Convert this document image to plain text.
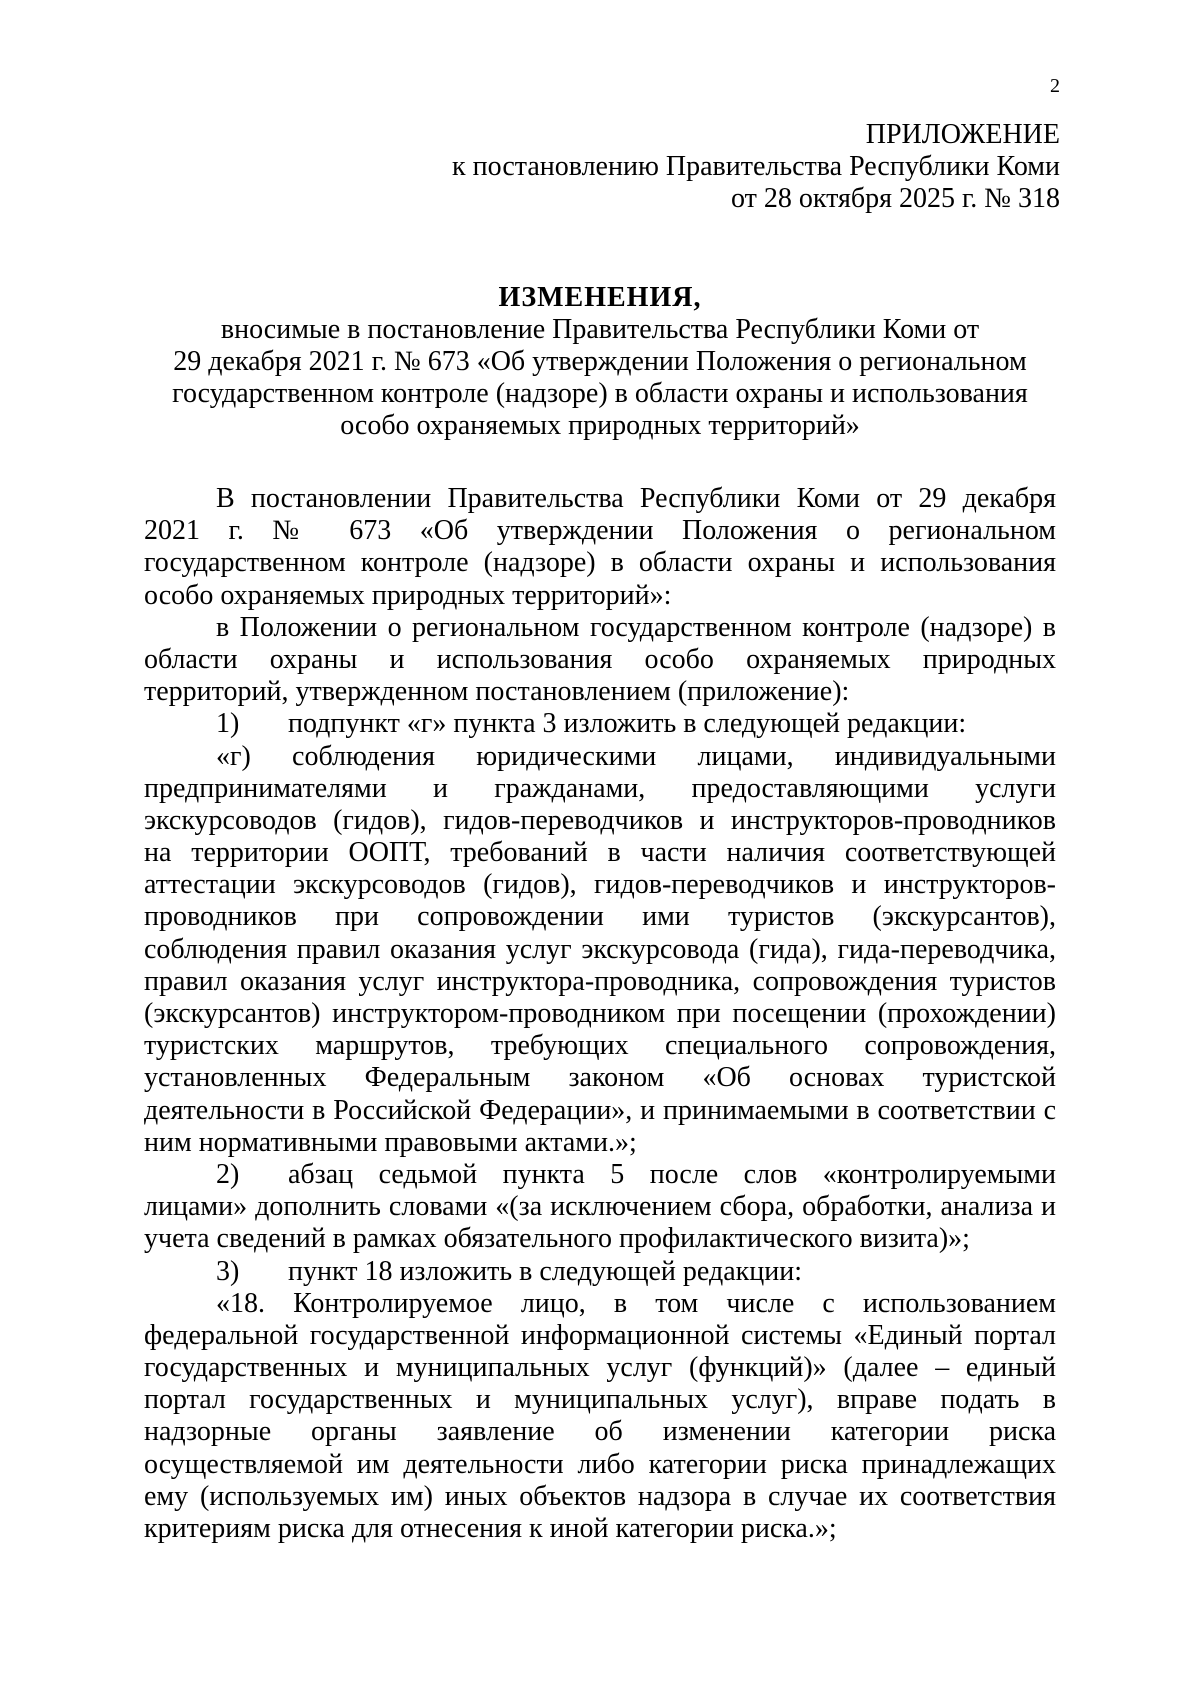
2
ПРИЛОЖЕНИЕ
к постановлению Правительства Республики Коми
от 28 октября 2025 г. № 318
ИЗМЕНЕНИЯ,
вносимые в постановление Правительства Республики Коми от
29 декабря 2021 г. № 673 «Об утверждении Положения о региональном
государственном контроле (надзоре) в области охраны и использования
особо охраняемых природных территорий»
В постановлении Правительства Республики Коми от 29 декабря
2021 г. № 673 «Об утверждении Положения о региональном
государственном контроле (надзоре) в области охраны и использования
особо охраняемых природных территорий»:
в Положении о региональном государственном контроле (надзоре) в
области охраны и использования особо охраняемых природных
территорий, утвержденном постановлением (приложение):
1)	подпункт «г» пункта 3 изложить в следующей редакции:
«г) соблюдения юридическими лицами, индивидуальными
предпринимателями и гражданами, предоставляющими услуги
экскурсоводов (гидов), гидов-переводчиков и инструкторов-проводников
на территории ООПТ, требований в части наличия соответствующей
аттестации экскурсоводов (гидов), гидов-переводчиков и инструкторов-
проводников при сопровождении ими туристов (экскурсантов),
соблюдения правил оказания услуг экскурсовода (гида), гида-переводчика,
правил оказания услуг инструктора-проводника, сопровождения туристов
(экскурсантов) инструктором-проводником при посещении (прохождении)
туристских маршрутов, требующих специального сопровождения,
установленных Федеральным законом «Об основах туристской
деятельности в Российской Федерации», и принимаемыми в соответствии с
ним нормативными правовыми актами.»;
2)	абзац седьмой пункта 5 после слов «контролируемыми
лицами» дополнить словами «(за исключением сбора, обработки, анализа и
учета сведений в рамках обязательного профилактического визита)»;
3)	пункт 18 изложить в следующей редакции:
«18. Контролируемое лицо, в том числе с использованием
федеральной государственной информационной системы «Единый портал
государственных и муниципальных услуг (функций)» (далее – единый
портал государственных и муниципальных услуг), вправе подать в
надзорные органы заявление об изменении категории риска
осуществляемой им деятельности либо категории риска принадлежащих
ему (используемых им) иных объектов надзора в случае их соответствия
критериям риска для отнесения к иной категории риска.»;
